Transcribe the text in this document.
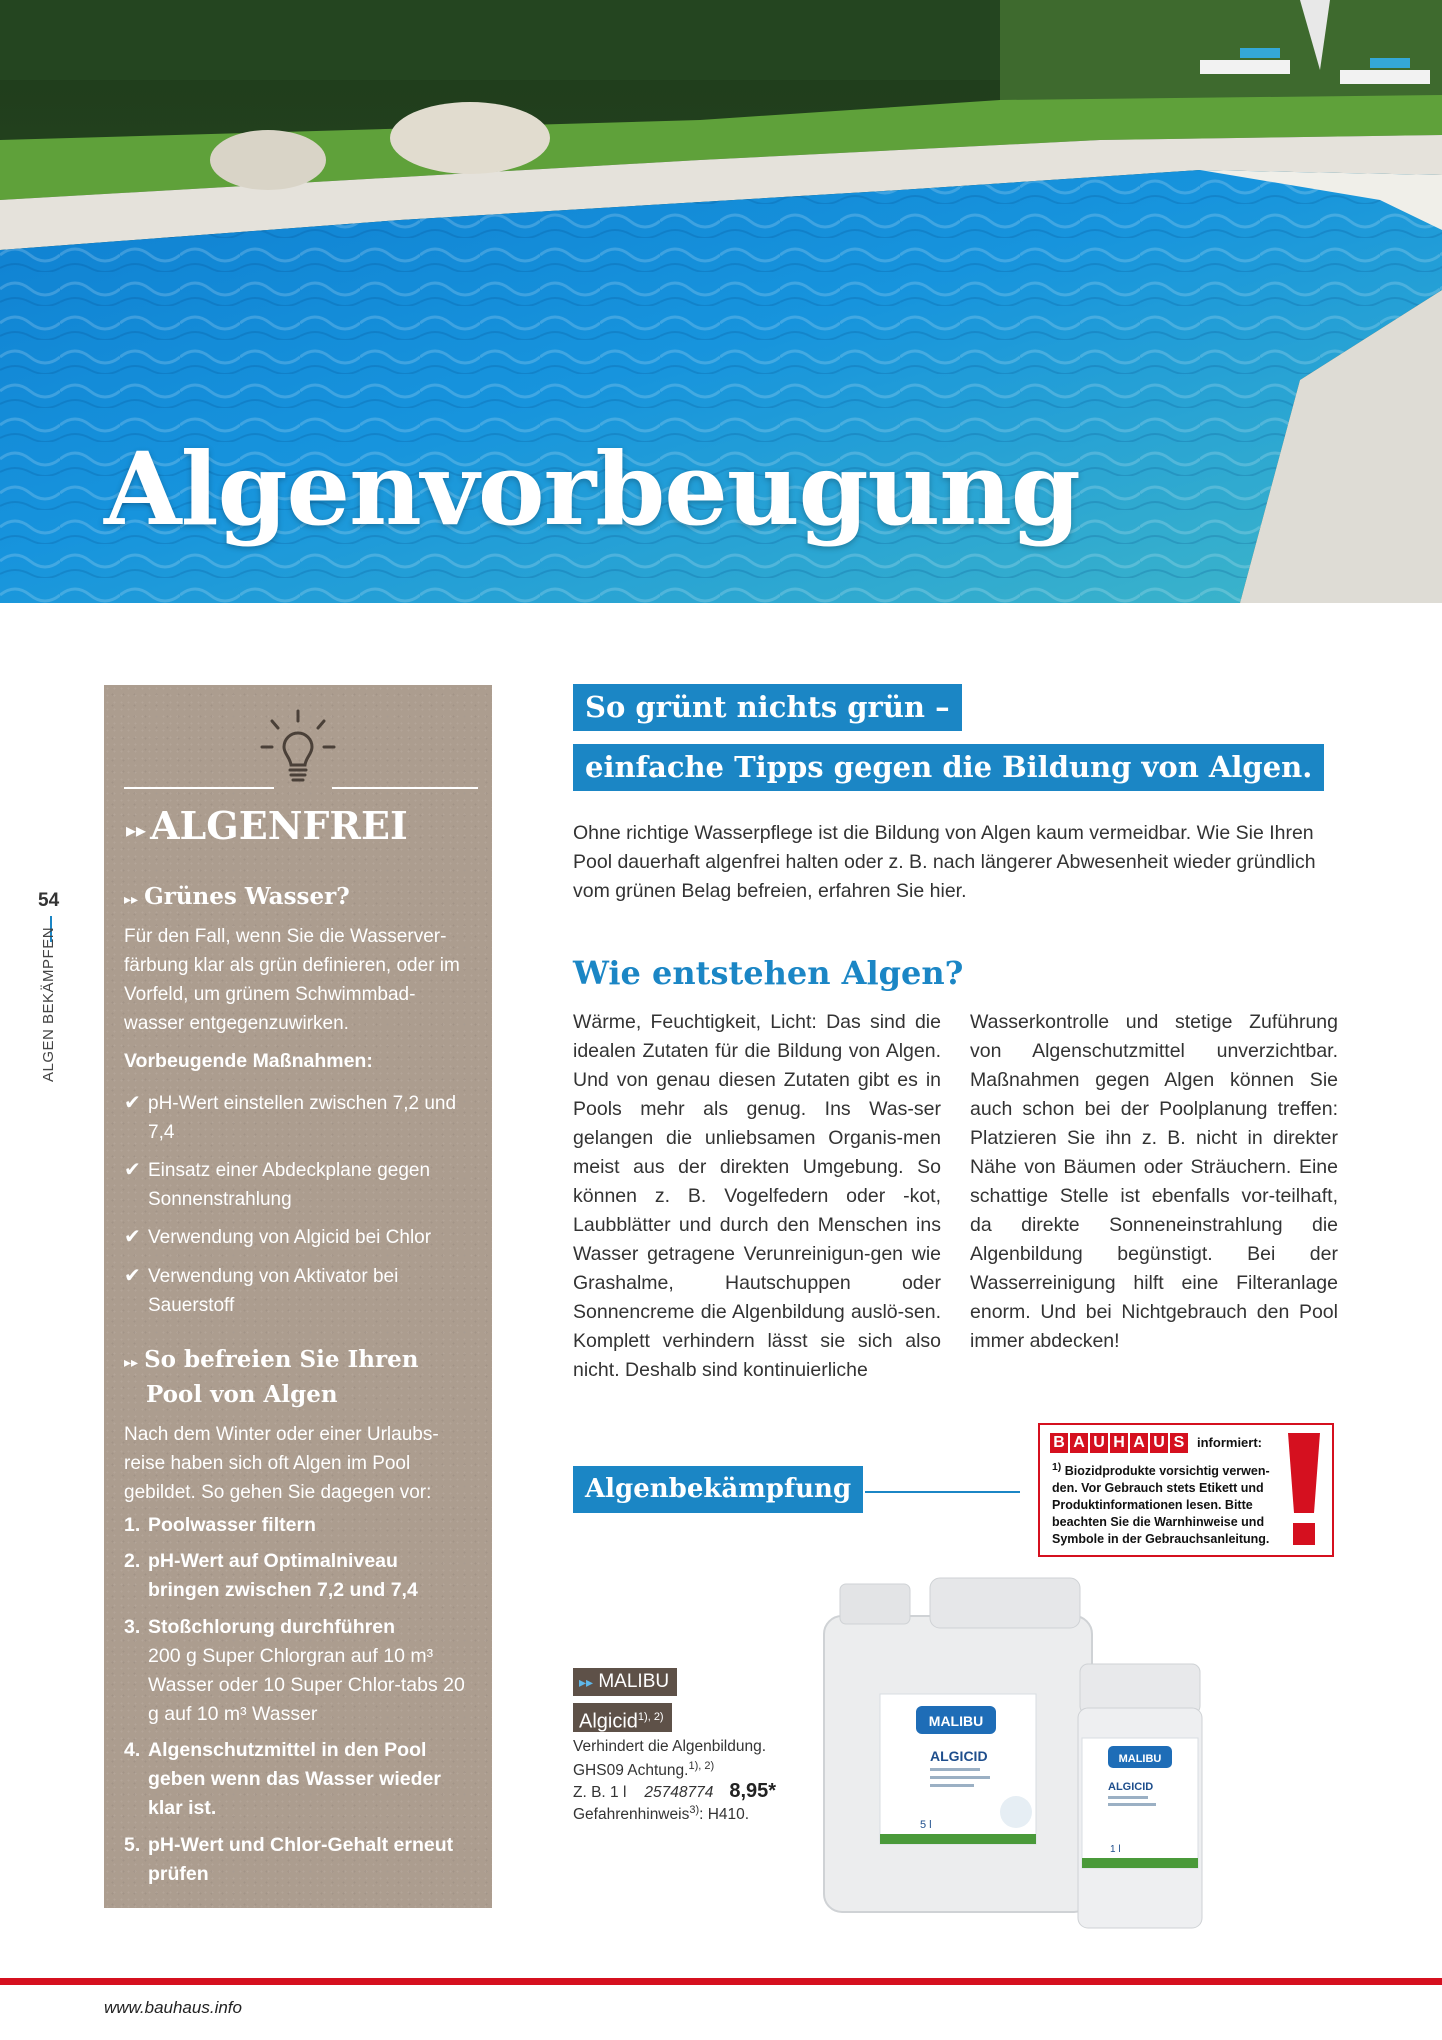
Algenvorbeugung
54
ALGEN BEKÄMPFEN
▸▸ ALGENFREI
▸▸ Grünes Wasser?

Für den Fall, wenn Sie die Wasserver-färbung klar als grün definieren, oder im Vorfeld, um grünem Schwimmbad-wasser entgegenzuwirken.

Vorbeugende Maßnahmen:

✔ pH-Wert einstellen zwischen 7,2 und 7,4
✔ Einsatz einer Abdeckplane gegen Sonnenstrahlung
✔ Verwendung von Algicid bei Chlor
✔ Verwendung von Aktivator bei Sauerstoff
▸▸ So befreien Sie Ihren
Pool von Algen

Nach dem Winter oder einer Urlaubs-reise haben sich oft Algen im Pool gebildet. So gehen Sie dagegen vor:

1. Poolwasser filtern
2. pH-Wert auf Optimalniveau bringen zwischen 7,2 und 7,4
3. Stoßchlorung durchführen
200 g Super Chlorgran auf 10 m³ Wasser oder 10 Super Chlor-tabs 20 g auf 10 m³ Wasser
4. Algenschutzmittel in den Pool geben wenn das Wasser wieder klar ist.
5. pH-Wert und Chlor-Gehalt erneut prüfen
So grünt nichts grün –
einfache Tipps gegen die Bildung von Algen.

Ohne richtige Wasserpflege ist die Bildung von Algen kaum vermeidbar. Wie Sie Ihren Pool dauerhaft algenfrei halten oder z. B. nach längerer Abwesenheit wieder gründlich vom grünen Belag befreien, erfahren Sie hier.

Wie entstehen Algen?

Wärme, Feuchtigkeit, Licht: Das sind die idealen Zutaten für die Bildung von Algen. Und von genau diesen Zutaten gibt es in Pools mehr als genug. Ins Was-ser gelangen die unliebsamen Organis-men meist aus der direkten Umgebung. So können z. B. Vogelfedern oder -kot, Laubblätter und durch den Menschen ins Wasser getragene Verunreinigun-gen wie Grashalme, Hautschuppen oder Sonnencreme die Algenbildung auslö-sen. Komplett verhindern lässt sie sich also nicht. Deshalb sind kontinuierliche

Wasserkontrolle und stetige Zuführung von Algenschutzmittel unverzichtbar. Maßnahmen gegen Algen können Sie auch schon bei der Poolplanung treffen: Platzieren Sie ihn z. B. nicht in direkter Nähe von Bäumen oder Sträuchern. Eine schattige Stelle ist ebenfalls vor-teilhaft, da direkte Sonneneinstrahlung die Algenbildung begünstigt. Bei der Wasserreinigung hilft eine Filteranlage enorm. Und bei Nichtgebrauch den Pool immer abdecken!

Algenbekämpfung
B A U H A U S informiert:

$^{1)}$ Biozidprodukte vorsichtig verwen-den. Vor Gebrauch stets Etikett und Produktinformationen lesen. Bitte beachten Sie die Warnhinweise und Symbole in der Gebrauchsanleitung.

▸▸ MALIBU
Algicid$^{1), 2)}$

Verhindert die Algenbildung.

GHS09 Achtung.$^{1), 2)}$

Z. B. 1 l 25748774 8,95*

Gefahrenhinweis$^{3)}$: H410.

MALIBU
ALGICID
5 l
MALIBU
ALGICID
1 l
www.bauhaus.info
